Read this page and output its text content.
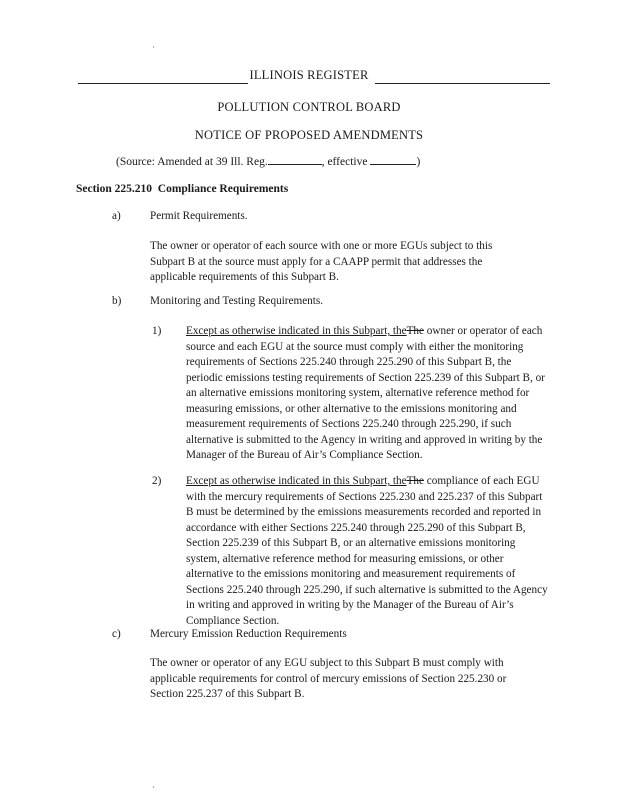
·
·
ILLINOIS REGISTER
POLLUTION CONTROL BOARD
NOTICE OF PROPOSED AMENDMENTS
(Source: Amended at 39 Ill. Reg.	, effective	)
Section 225.210 Compliance Requirements
a)	Permit Requirements.
The owner or operator of each source with one or more EGUs subject to this Subpart B at the source must apply for a CAAPP permit that addresses the applicable requirements of this Subpart B.
b)	Monitoring and Testing Requirements.
1) Except as otherwise indicated in this Subpart, theThe owner or operator of each source and each EGU at the source must comply with either the monitoring requirements of Sections 225.240 through 225.290 of this Subpart B, the periodic emissions testing requirements of Section 225.239 of this Subpart B, or an alternative emissions monitoring system, alternative reference method for measuring emissions, or other alternative to the emissions monitoring and measurement requirements of Sections 225.240 through 225.290, if such alternative is submitted to the Agency in writing and approved in writing by the Manager of the Bureau of Air’s Compliance Section.
2) Except as otherwise indicated in this Subpart, theThe compliance of each EGU with the mercury requirements of Sections 225.230 and 225.237 of this Subpart B must be determined by the emissions measurements recorded and reported in accordance with either Sections 225.240 through 225.290 of this Subpart B, Section 225.239 of this Subpart B, or an alternative emissions monitoring system, alternative reference method for measuring emissions, or other alternative to the emissions monitoring and measurement requirements of Sections 225.240 through 225.290, if such alternative is submitted to the Agency in writing and approved in writing by the Manager of the Bureau of Air’s Compliance Section.
c)	Mercury Emission Reduction Requirements
The owner or operator of any EGU subject to this Subpart B must comply with applicable requirements for control of mercury emissions of Section 225.230 or Section 225.237 of this Subpart B.
